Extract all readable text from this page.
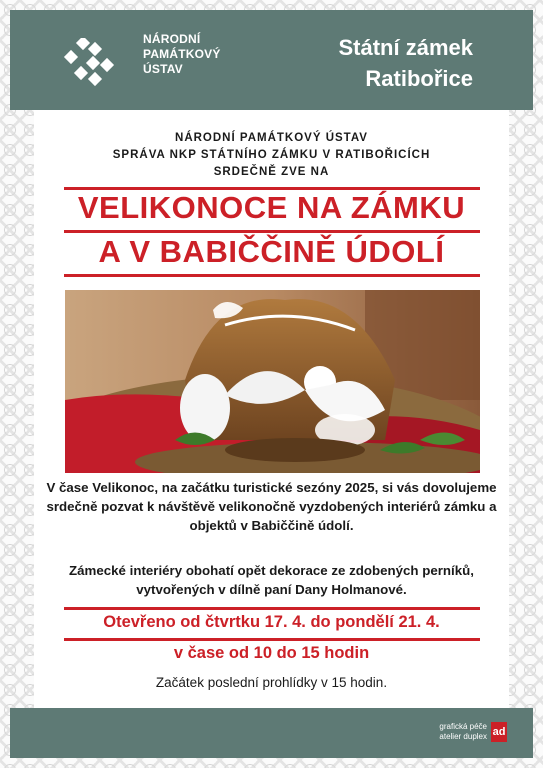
NÁRODNÍ
PAMÁTKOVÝ
ÚSTAV
Státní zámek
Ratibořice
NÁRODNÍ PAMÁTKOVÝ ÚSTAV
SPRÁVA NKP STÁTNÍHO ZÁMKU V RATIBOŘICÍCH
SRDEČNĚ ZVE NA
VELIKONOCE NA ZÁMKU
A V BABIČČINĚ ÚDOLÍ
V čase Velikonoc, na začátku turistické sezóny 2025, si vás dovolujeme srdečně pozvat k návštěvě velikonočně vyzdobených interiérů zámku a objektů v Babiččině údolí.
Zámecké interiéry obohatí opět dekorace ze zdobených perníků, vytvořených v dílně paní Dany Holmanové.
Otevřeno od čtvrtku 17. 4. do pondělí 21. 4.
v čase od 10 do 15 hodin
Začátek poslední prohlídky v 15 hodin.
grafická péče
atelier duplex ad
